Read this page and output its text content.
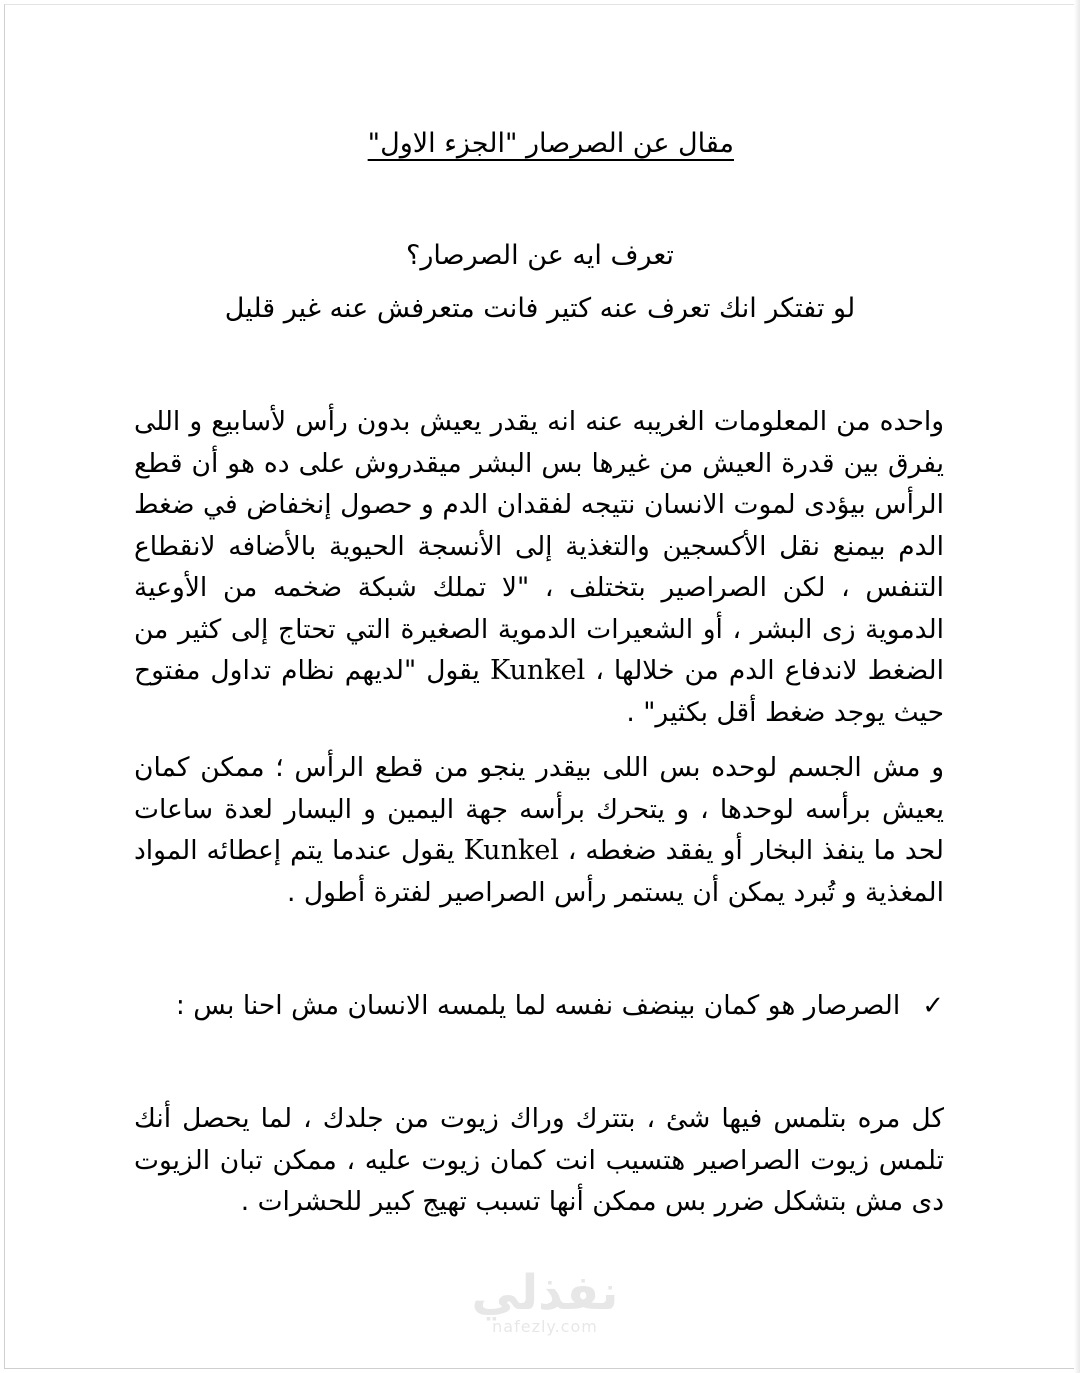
مقال عن الصرصار "الجزء الاول"
تعرف ايه عن الصرصار؟
لو تفتكر انك تعرف عنه كتير فانت متعرفش عنه غير قليل
واحده من المعلومات الغريبه عنه انه يقدر يعيش بدون رأس لأسابيع و اللى يفرق بين قدرة العيش من غيرها بس البشر ميقدروش على ده هو أن قطع الرأس بيؤدى لموت الانسان نتيجه لفقدان الدم و حصول إنخفاض في ضغط الدم بيمنع نقل الأكسجين والتغذية إلى الأنسجة الحيوية بالأضافه لانقطاع التنفس ، لكن الصراصير بتختلف ، "لا تملك شبكة ضخمه من الأوعية الدموية زى البشر ، أو الشعيرات الدموية الصغيرة التي تحتاج إلى كثير من الضغط لاندفاع الدم من خلالها ، Kunkel يقول "لديهم نظام تداول مفتوح حيث يوجد ضغط أقل بكثير" .
و مش الجسم لوحده بس اللى بيقدر ينجو من قطع الرأس ؛ ممكن كمان يعيش برأسه لوحدها ، و يتحرك برأسه جهة اليمين و اليسار لعدة ساعات لحد ما ينفذ البخار أو يفقد ضغطه ، Kunkel يقول عندما يتم إعطائه المواد المغذية و تُبرد يمكن أن يستمر رأس الصراصير لفترة أطول .
✓الصرصار هو كمان بينضف نفسه لما يلمسه الانسان مش احنا بس :
كل مره بتلمس فيها شئ ، بتترك وراك زيوت من جلدك ، لما يحصل أنك تلمس زيوت الصراصير هتسيب انت كمان زيوت عليه ، ممكن تبان الزيوت دى مش بتشكل ضرر بس ممكن أنها تسبب تهيج كبير للحشرات .
نفذلي
nafezly.com
